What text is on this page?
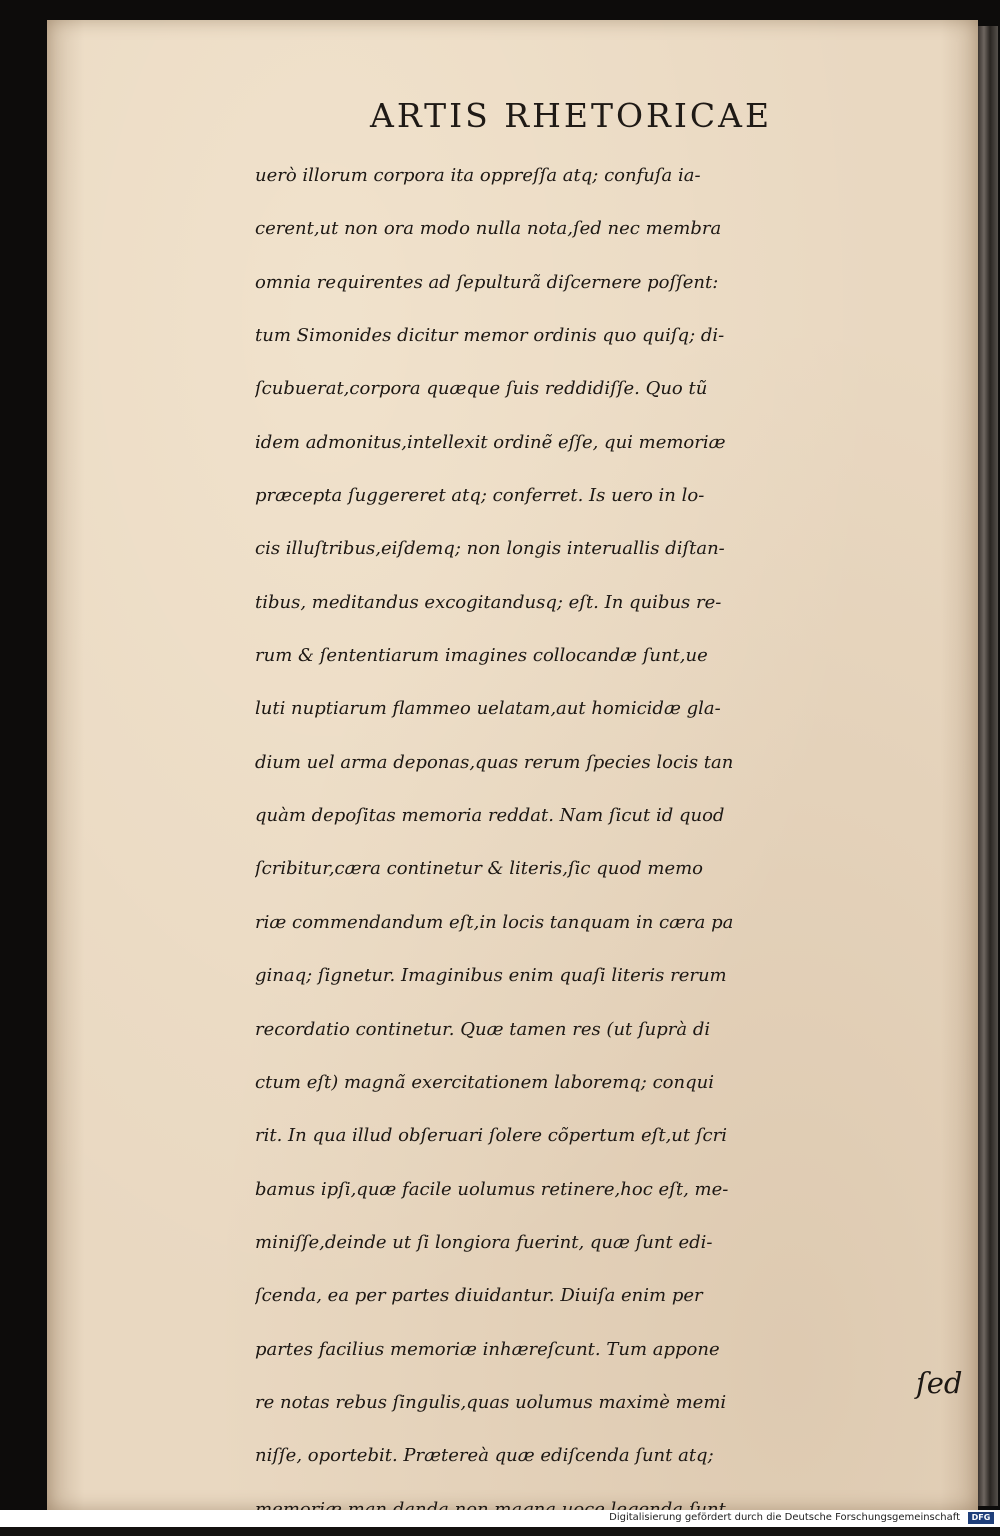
ARTIS RHETORICAE
uerò illorum corpora ita oppreſſa atq; confuſa ia-
cerent,ut non ora modo nulla nota,ſed nec membra
omnia requirentes ad ſepulturã diſcernere poſſent:
tum Simonides dicitur memor ordinis quo quiſq; di-
ſcubuerat,corpora quæque ſuis reddidiſſe. Quo tũ
idem admonitus,intellexit ordinẽ eſſe, qui memoriæ
præcepta ſuggereret atq; conferret. Is uero in lo-
cis illuſtribus,eiſdemq; non longis interuallis diſtan-
tibus, meditandus excogitandusq; eſt. In quibus re-
rum & ſententiarum imagines collocandæ ſunt,ue
luti nuptiarum flammeo uelatam,aut homicidæ gla-
dium uel arma deponas,quas rerum ſpecies locis tan
quàm depoſitas memoria reddat. Nam ſicut id quod
ſcribitur,cæra continetur & literis,ſic quod memo
riæ commendandum eſt,in locis tanquam in cæra pa
ginaq; ſignetur. Imaginibus enim quaſi literis rerum
recordatio continetur. Quæ tamen res (ut ſuprà di
ctum eſt) magnã exercitationem laboremq; conqui
rit. In qua illud obſeruari ſolere cõpertum eſt,ut ſcri
bamus ipſi,quæ facile uolumus retinere,hoc eſt, me-
miniſſe,deinde ut ſi longiora fuerint, quæ ſunt edi-
ſcenda, ea per partes diuidantur. Diuiſa enim per
partes facilius memoriæ inhæreſcunt. Tum appone
re notas rebus ſingulis,quas uolumus maximè memi
niſſe, oportebit. Prætereà quæ ediſcenda ſunt atq;
ſed
Digitalisierung gefördert durch die Deutsche Forschungsgemeinschaft	DFG
